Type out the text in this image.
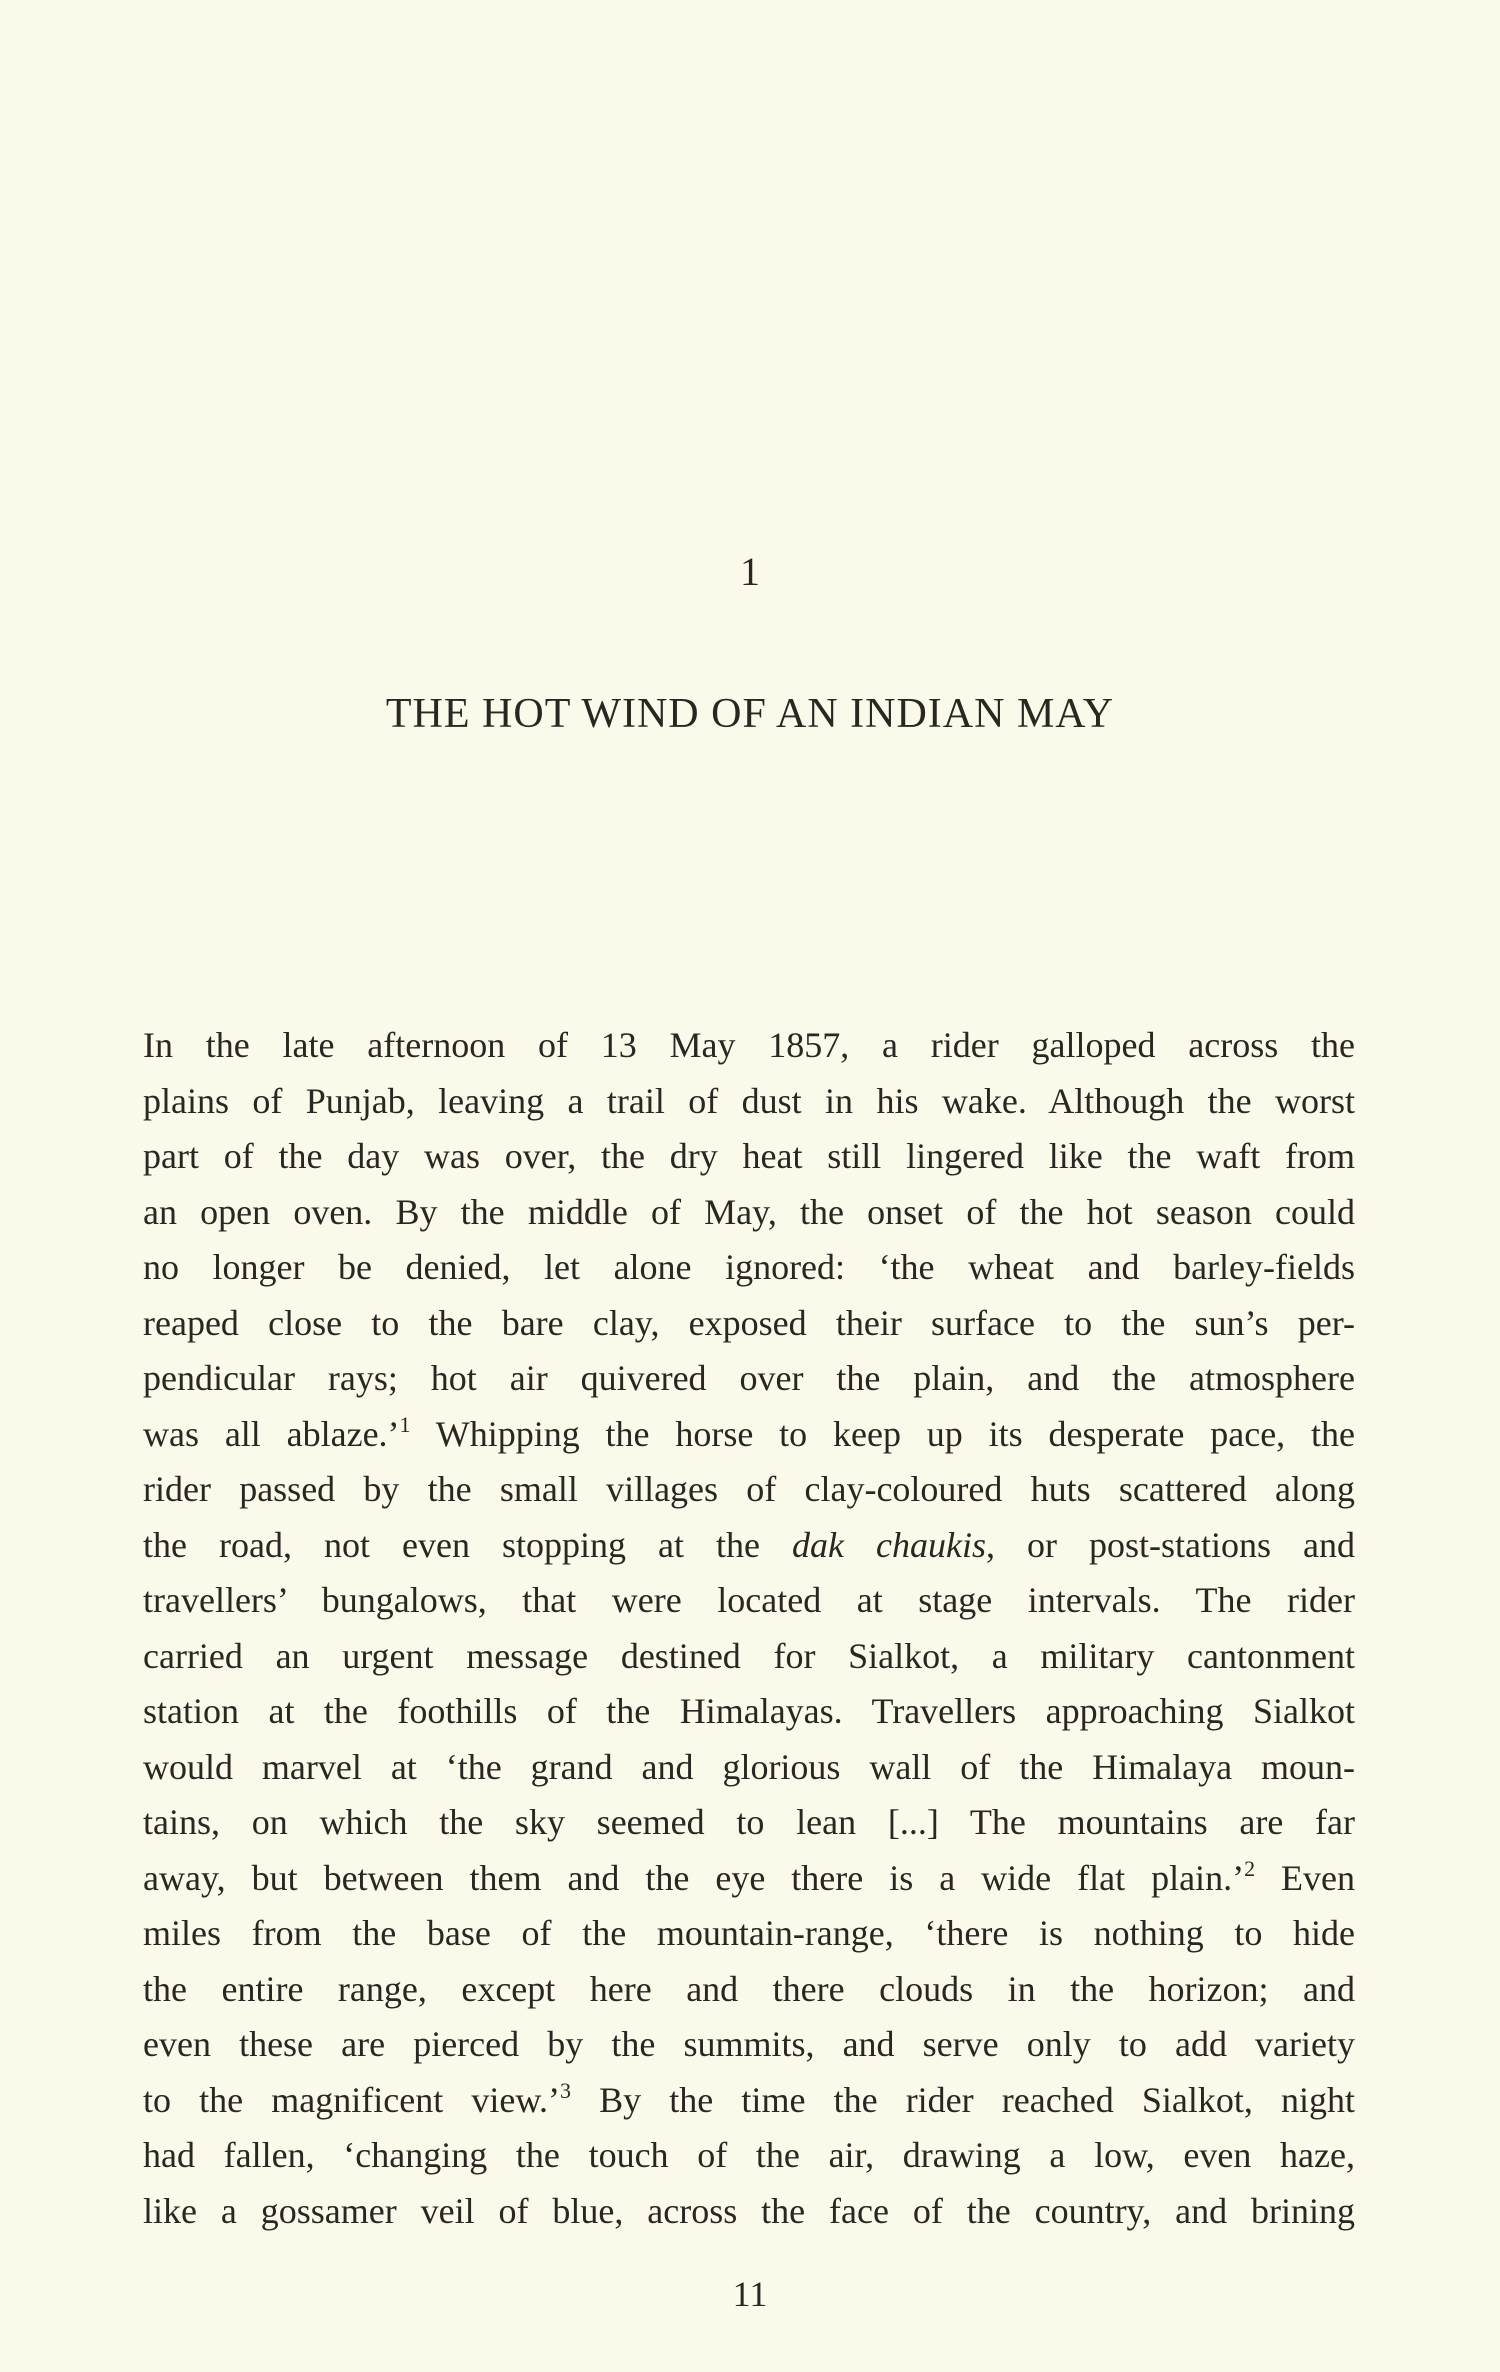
1
THE HOT WIND OF AN INDIAN MAY
In the late afternoon of 13 May 1857, a rider galloped across the
plains of Punjab, leaving a trail of dust in his wake. Although the worst
part of the day was over, the dry heat still lingered like the waft from
an open oven. By the middle of May, the onset of the hot season could
no longer be denied, let alone ignored: ‘the wheat and barley-fields
reaped close to the bare clay, exposed their surface to the sun’s per-
pendicular rays; hot air quivered over the plain, and the atmosphere
was all ablaze.’$^1$ Whipping the horse to keep up its desperate pace, the
rider passed by the small villages of clay-coloured huts scattered along
the road, not even stopping at the dak chaukis, or post-stations and
travellers’ bungalows, that were located at stage intervals. The rider
carried an urgent message destined for Sialkot, a military cantonment
station at the foothills of the Himalayas. Travellers approaching Sialkot
would marvel at ‘the grand and glorious wall of the Himalaya moun-
tains, on which the sky seemed to lean [...] The mountains are far
away, but between them and the eye there is a wide flat plain.’$^2$ Even
miles from the base of the mountain-range, ‘there is nothing to hide
the entire range, except here and there clouds in the horizon; and
even these are pierced by the summits, and serve only to add variety
to the magnificent view.’$^3$ By the time the rider reached Sialkot, night
had fallen, ‘changing the touch of the air, drawing a low, even haze,
like a gossamer veil of blue, across the face of the country, and brining
11
